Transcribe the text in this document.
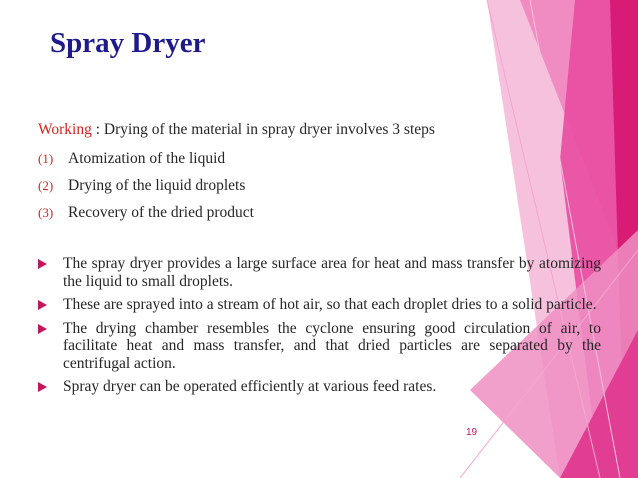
Spray Dryer
Working : Drying of the material in spray dryer involves 3 steps
(1) Atomization of the liquid
(2) Drying of the liquid droplets
(3) Recovery of the dried product
The spray dryer provides a large surface area for heat and mass transfer by atomizing the liquid to small droplets.
These are sprayed into a stream of hot air, so that each droplet dries to a solid particle.
The drying chamber resembles the cyclone ensuring good circulation of air, to facilitate heat and mass transfer, and that dried particles are separated by the centrifugal action.
Spray dryer can be operated efficiently at various feed rates.
19
